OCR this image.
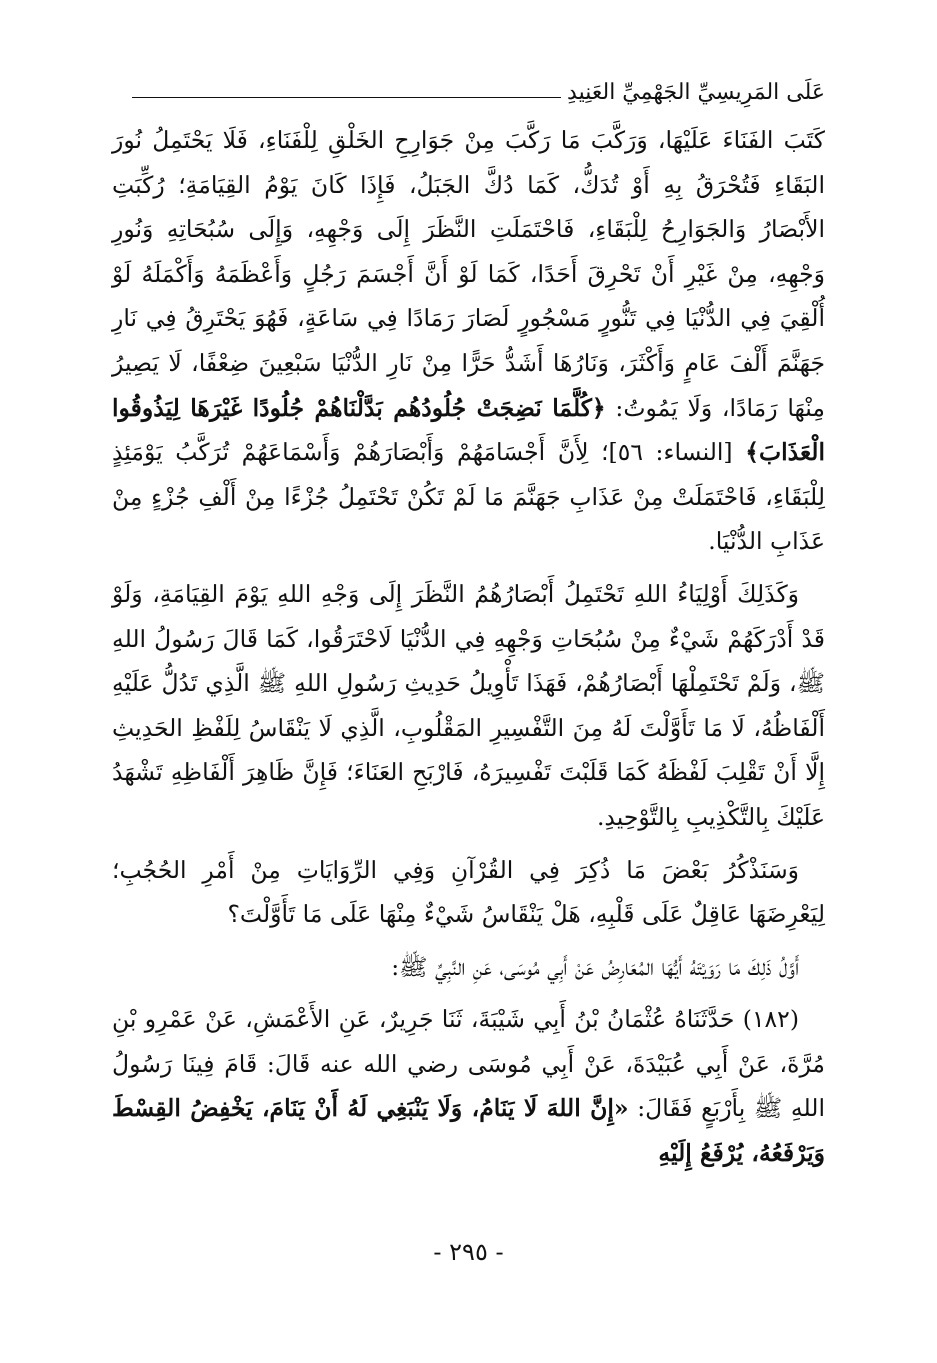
عَلَى المَرِيسِيِّ الجَهْمِيِّ العَنِيدِ

كَتَبَ الفَنَاءَ عَلَيْهَا، وَرَكَّبَ مَا رَكَّبَ مِنْ جَوَارِحِ الخَلْقِ لِلْفَنَاءِ، فَلَا يَحْتَمِلُ نُورَ البَقَاءِ فَتُحْرَقُ بِهِ أَوْ تُدَكُّ، كَمَا دُكَّ الجَبَلُ، فَإِذَا كَانَ يَوْمُ القِيَامَةِ؛ رُكِّبَتِ الأَبْصَارُ وَالجَوَارِحُ لِلْبَقَاءِ، فَاحْتَمَلَتِ النَّظَرَ إِلَى وَجْهِهِ، وَإِلَى سُبُحَاتِهِ وَنُورِ وَجْهِهِ، مِنْ غَيْرِ أَنْ تَحْرِقَ أَحَدًا، كَمَا لَوْ أَنَّ أَجْسَمَ رَجُلٍ وَأَعْظَمَهُ وَأَكْمَلَهُ لَوْ أُلْقِيَ فِي الدُّنْيَا فِي تَنُّورٍ مَسْجُورٍ لَصَارَ رَمَادًا فِي سَاعَةٍ، فَهُوَ يَحْتَرِقُ فِي نَارِ جَهَنَّمَ أَلْفَ عَامٍ وَأَكْثَرَ، وَنَارُهَا أَشَدُّ حَرًّا مِنْ نَارِ الدُّنْيَا سَبْعِينَ ضِعْفًا، لَا يَصِيرُ مِنْهَا رَمَادًا، وَلَا يَمُوتُ: ﴿كُلَّمَا نَضِجَتْ جُلُودُهُم بَدَّلْنَاهُمْ جُلُودًا غَيْرَهَا لِيَذُوقُوا الْعَذَابَ﴾ [النساء: ٥٦]؛ لِأَنَّ أَجْسَامَهُمْ وَأَبْصَارَهُمْ وَأَسْمَاعَهُمْ تُرَكَّبُ يَوْمَئِذٍ لِلْبَقَاءِ، فَاحْتَمَلَتْ مِنْ عَذَابِ جَهَنَّمَ مَا لَمْ تَكُنْ تَحْتَمِلُ جُزْءًا مِنْ أَلْفِ جُزْءٍ مِنْ عَذَابِ الدُّنْيَا.

وَكَذَلِكَ أَوْلِيَاءُ اللهِ تَحْتَمِلُ أَبْصَارُهُمُ النَّظَرَ إِلَى وَجْهِ اللهِ يَوْمَ القِيَامَةِ، وَلَوْ قَدْ أَدْرَكَهُمْ شَيْءٌ مِنْ سُبُحَاتِ وَجْهِهِ فِي الدُّنْيَا لَاحْتَرَقُوا، كَمَا قَالَ رَسُولُ اللهِ ﷺ، وَلَمْ تَحْتَمِلْهَا أَبْصَارُهُمْ، فَهَذَا تَأْوِيلُ حَدِيثِ رَسُولِ اللهِ ﷺ الَّذِي تَدُلُّ عَلَيْهِ أَلْفَاظُهُ، لَا مَا تَأَوَّلْتَ لَهُ مِنَ التَّفْسِيرِ المَقْلُوبِ، الَّذِي لَا يَنْقَاسُ لِلَفْظِ الحَدِيثِ إِلَّا أَنْ تَقْلِبَ لَفْظَهُ كَمَا قَلَبْتَ تَفْسِيرَهُ، فَارْبَحِ العَنَاءَ؛ فَإِنَّ ظَاهِرَ أَلْفَاظِهِ تَشْهَدُ عَلَيْكَ بِالتَّكْذِيبِ بِالتَّوْحِيدِ.

وَسَنَذْكُرُ بَعْضَ مَا ذُكِرَ فِي القُرْآنِ وَفِي الرِّوَايَاتِ مِنْ أَمْرِ الحُجُبِ؛ لِيَعْرِضَهَا عَاقِلٌ عَلَى قَلْبِهِ، هَلْ يَنْقَاسُ شَيْءٌ مِنْهَا عَلَى مَا تَأَوَّلْتَ؟

أَوَّلُ ذَلِكَ مَا رَوَيْتَهُ أَيُّهَا المُعَارِضُ عَنْ أَبِي مُوسَى، عَنِ النَّبِيِّ ﷺ:

(١٨٢) حَدَّثَنَاهُ عُثْمَانُ بْنُ أَبِي شَيْبَةَ، ثَنَا جَرِيرٌ، عَنِ الأَعْمَشِ، عَنْ عَمْرِو بْنِ مُرَّةَ، عَنْ أَبِي عُبَيْدَةَ، عَنْ أَبِي مُوسَى رضي الله عنه قَالَ: قَامَ فِينَا رَسُولُ اللهِ ﷺ بِأَرْبَعٍ فَقَالَ: «إِنَّ اللهَ لَا يَنَامُ، وَلَا يَنْبَغِي لَهُ أَنْ يَنَامَ، يَخْفِضُ القِسْطَ وَيَرْفَعُهُ، يُرْفَعُ إِلَيْهِ

- ٢٩٥ -
